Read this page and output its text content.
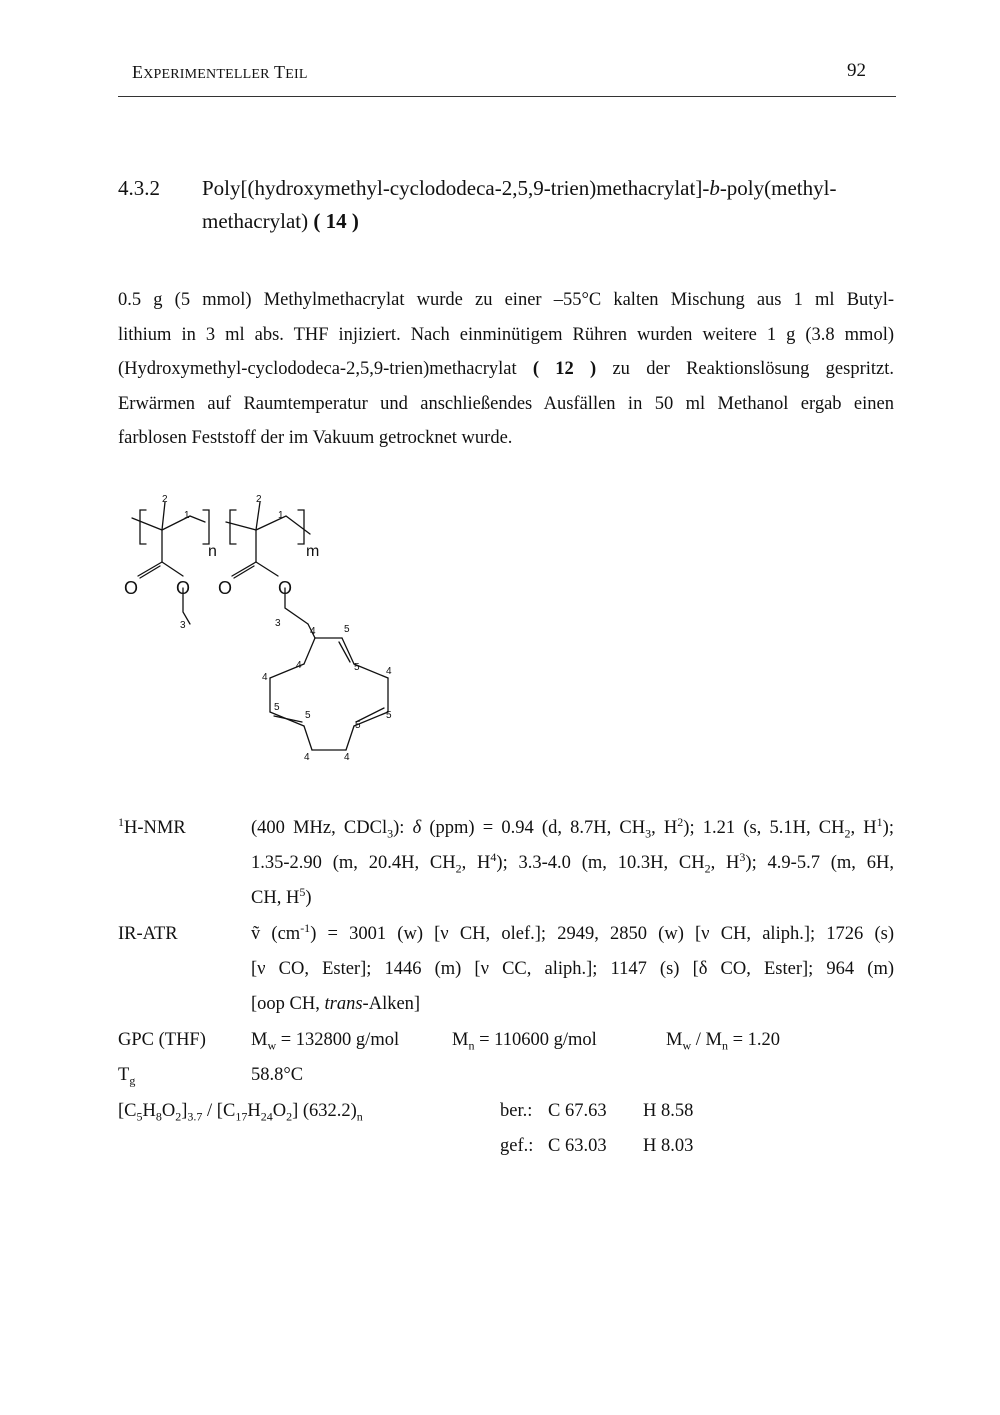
EXPERIMENTELLER TEIL	92
4.3.2 Poly[(hydroxymethyl-cyclododeca-2,5,9-trien)methacrylat]-b-poly(methyl-
methacrylat) ( 14 )
0.5 g (5 mmol) Methylmethacrylat wurde zu einer –55°C kalten Mischung aus 1 ml Butyl-
lithium in 3 ml abs. THF injiziert. Nach einminütigem Rühren wurden weitere 1 g (3.8 mmol)
(Hydroxymethyl-cyclododeca-2,5,9-trien)methacrylat ( 12 ) zu der Reaktionslösung gespritzt.
Erwärmen auf Raumtemperatur und anschließendes Ausfällen in 50 ml Methanol ergab einen
farblosen Feststoff der im Vakuum getrocknet wurde.
O O O	O
n	m
2
1
2
1
3	3
4	5
4
4
5	4
5
5
5
5
4	4
$^1$H-NMR	(400 MHz, CDCl$_3$): δ (ppm) = 0.94 (d, 8.7H, $CH_3$, $H^2$); 1.21 (s, 5.1H, $CH_2$, $H^1$);
1.35-2.90 (m, 20.4H, $CH_2$, $H^4$); 3.3-4.0 (m, 10.3H, $CH_2$, $H^3$); 4.9-5.7 (m, 6H,
CH, $H^5$)
IR-ATR	ṽ $(cm^{-1}) = 3001$ (w) [ν CH, olef.]; 2949, 2850 (w) [ν CH, aliph.]; 1726 (s)
[ν CO, Ester]; 1446 (m) [ν CC, aliph.]; 1147 (s) [δ CO, Ester]; 964 (m)
[oop CH, trans-Alken]
GPC (THF) $M_w = 132800$ g/mol	$M_n = 110600$ g/mol	$M_w / M_n = 1.20$
$T_g$	58.8°C
$[C_5H_8O_2]_{3.7} / [C_{17}H_{24}O_2]$ $(632.2)_n$	ber.: C 67.63 H 8.58
gef.: C 63.03 H 8.03
